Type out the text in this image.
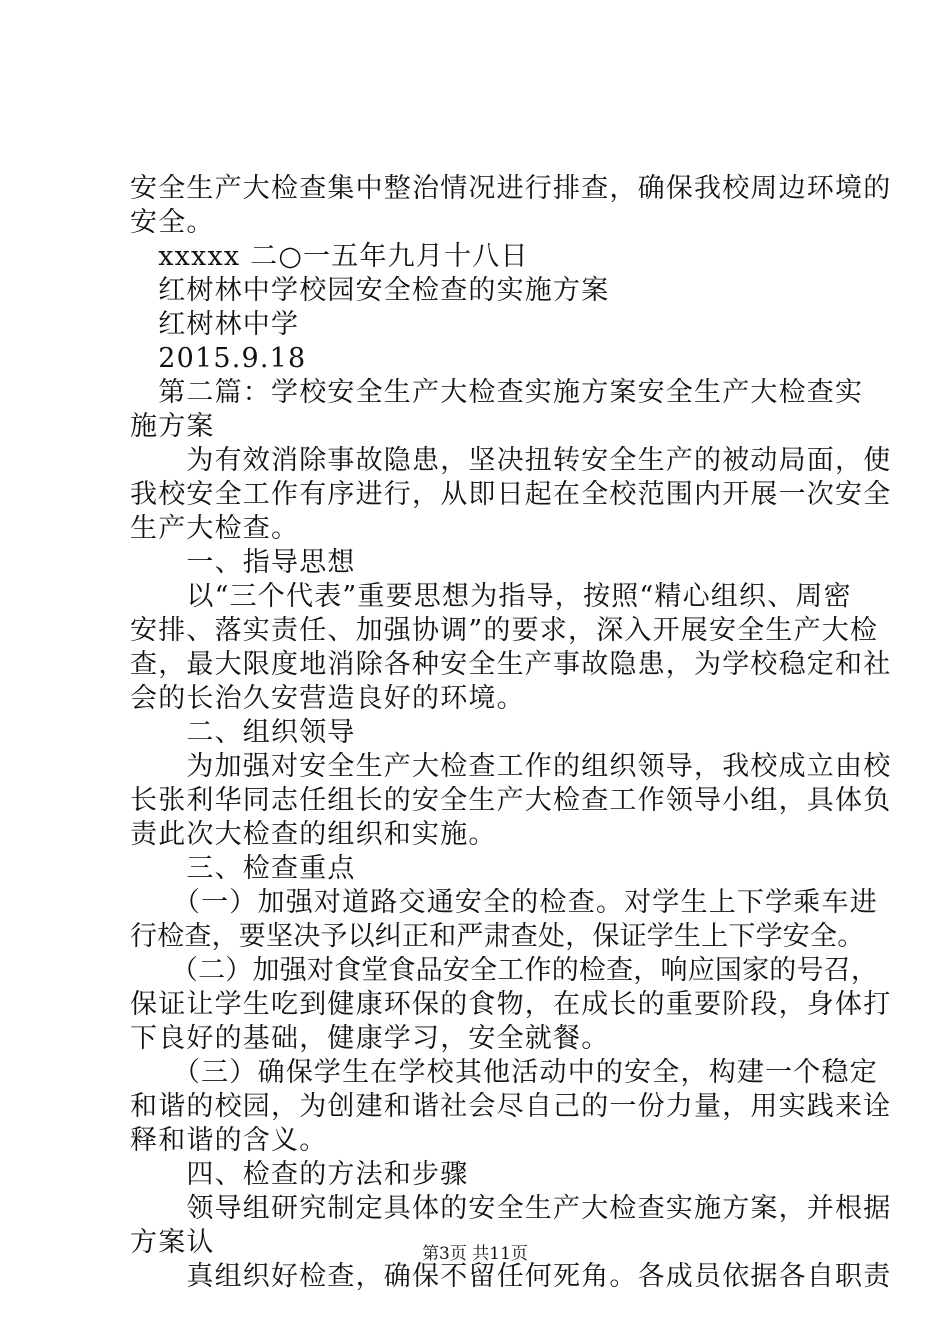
安全生产大检查集中整治情况进行排查，确保我校周边环境的
安全。
　xxxxx 二○一五年九月十八日
　红树林中学校园安全检查的实施方案
　红树林中学
　2015.9.18
　第二篇：学校安全生产大检查实施方案安全生产大检查实
施方案
　　为有效消除事故隐患，坚决扭转安全生产的被动局面，使
我校安全工作有序进行，从即日起在全校范围内开展一次安全
生产大检查。
　　一、指导思想
　　以“三个代表”重要思想为指导，按照“精心组织、周密
安排、落实责任、加强协调”的要求，深入开展安全生产大检
查，最大限度地消除各种安全生产事故隐患，为学校稳定和社
会的长治久安营造良好的环境。
　　二、组织领导
　　为加强对安全生产大检查工作的组织领导，我校成立由校
长张利华同志任组长的安全生产大检查工作领导小组，具体负
责此次大检查的组织和实施。
　　三、检查重点
　　（一）加强对道路交通安全的检查。对学生上下学乘车进
行检查，要坚决予以纠正和严肃查处，保证学生上下学安全。
　　（二）加强对食堂食品安全工作的检查，响应国家的号召，
保证让学生吃到健康环保的食物，在成长的重要阶段，身体打
下良好的基础，健康学习，安全就餐。
　　（三）确保学生在学校其他活动中的安全，构建一个稳定
和谐的校园，为创建和谐社会尽自己的一份力量，用实践来诠
释和谐的含义。
　　四、检查的方法和步骤
　　领导组研究制定具体的安全生产大检查实施方案，并根据
方案认
　　真组织好检查，确保不留任何死角。各成员依据各自职责
第3页 共11页
